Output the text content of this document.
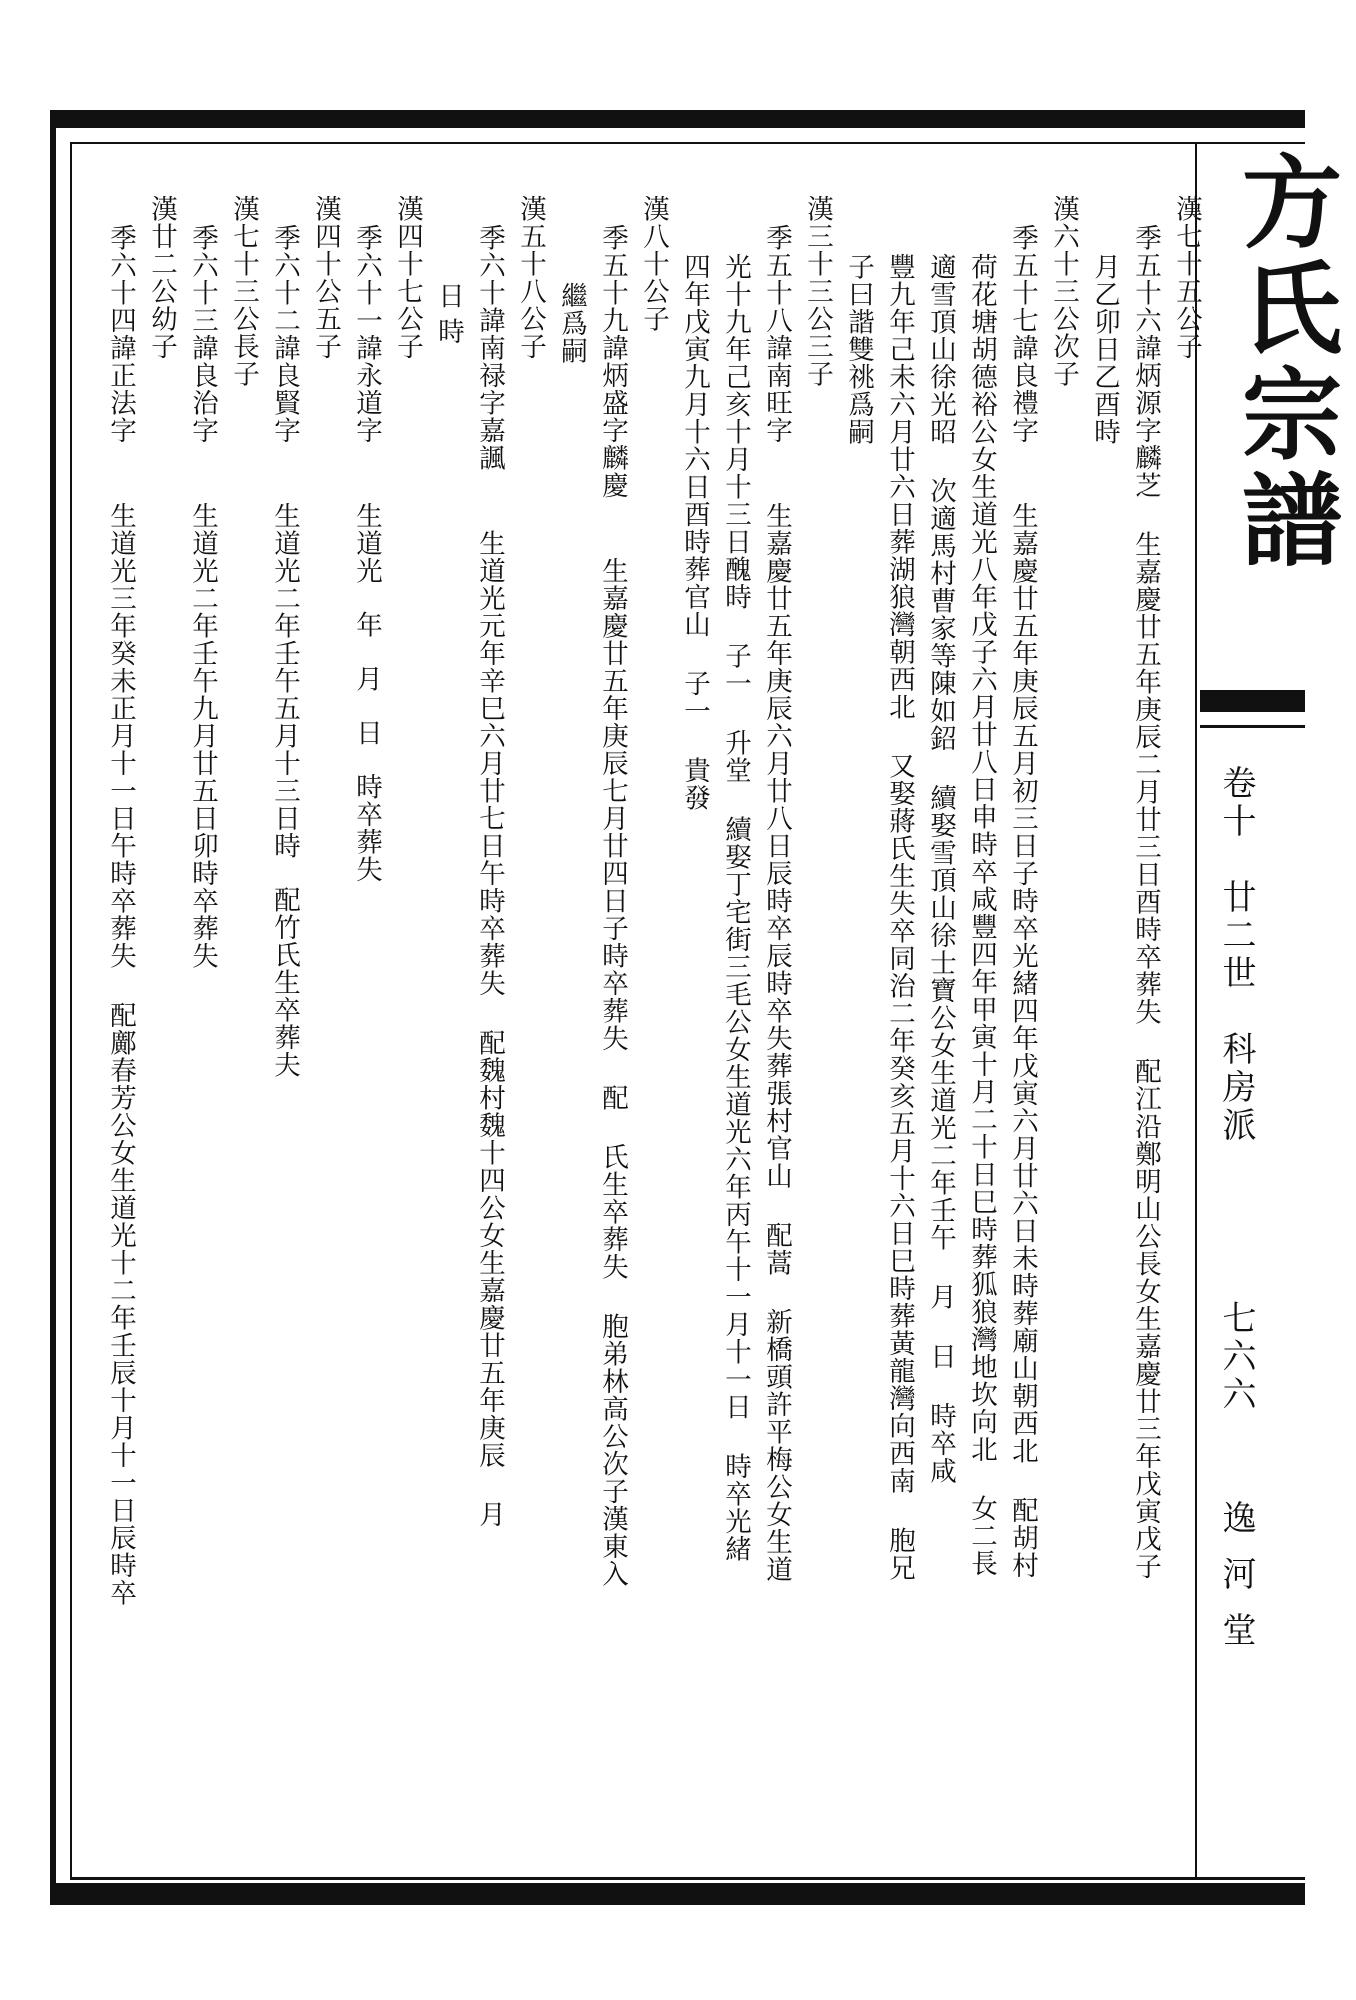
方氏宗譜
卷十　廿二世　科房派
七六六
逸河堂
漢七十五公子
季五十六諱炳源字麟芝生嘉慶廿五年庚辰二月廿三日酉時卒葬失配江沿鄭明山公長女生嘉慶廿三年戊寅戊子
月乙卯日乙酉時
漢六十三公次子
季五十七諱良禮字生嘉慶廿五年庚辰五月初三日子時卒光緒四年戊寅六月廿六日未時葬廟山朝西北配胡村
荷花塘胡德裕公女生道光八年戊子六月廿八日申時卒咸豐四年甲寅十月二十日巳時葬狐狼灣地坎向北女二長
適雪頂山徐光昭次適馬村曹家等陳如鉊續娶雪頂山徐士寶公女生道光二年壬午月日時卒咸
豐九年己未六月廿六日葬湖狼灣朝西北又娶蔣氏生失卒同治二年癸亥五月十六日巳時葬黃龍灣向西南胞兄
子曰諧雙祧爲嗣
漢三十三公三子
季五十八諱南旺字生嘉慶廿五年庚辰六月廿八日辰時卒辰時卒失葬張村官山配蒿新橋頭許平梅公女生道
光十九年己亥十月十三日醜時子一升堂續娶丁宅街三毛公女生道光六年丙午十一月十一日時卒光緒
四年戊寅九月十六日酉時葬官山子一貴發
漢八十公子
季五十九諱炳盛字麟慶生嘉慶廿五年庚辰七月廿四日子時卒葬失配氏生卒葬失胞弟林高公次子漢東入
繼爲嗣
漢五十八公子
季六十諱南禄字嘉諷生道光元年辛巳六月廿七日午時卒葬失配魏村魏十四公女生嘉慶廿五年庚辰月
日時
漢四十七公子
季六十一諱永道字生道光年月日時卒葬失
漢四十公五子
季六十二諱良賢字生道光二年壬午五月十三日時配竹氏生卒葬夫
漢七十三公長子
季六十三諱良治字生道光二年壬午九月廿五日卯時卒葬失
漢廿二公幼子
季六十四諱正法字生道光三年癸未正月十一日午時卒葬失配鄺春芳公女生道光十二年壬辰十月十一日辰時卒
